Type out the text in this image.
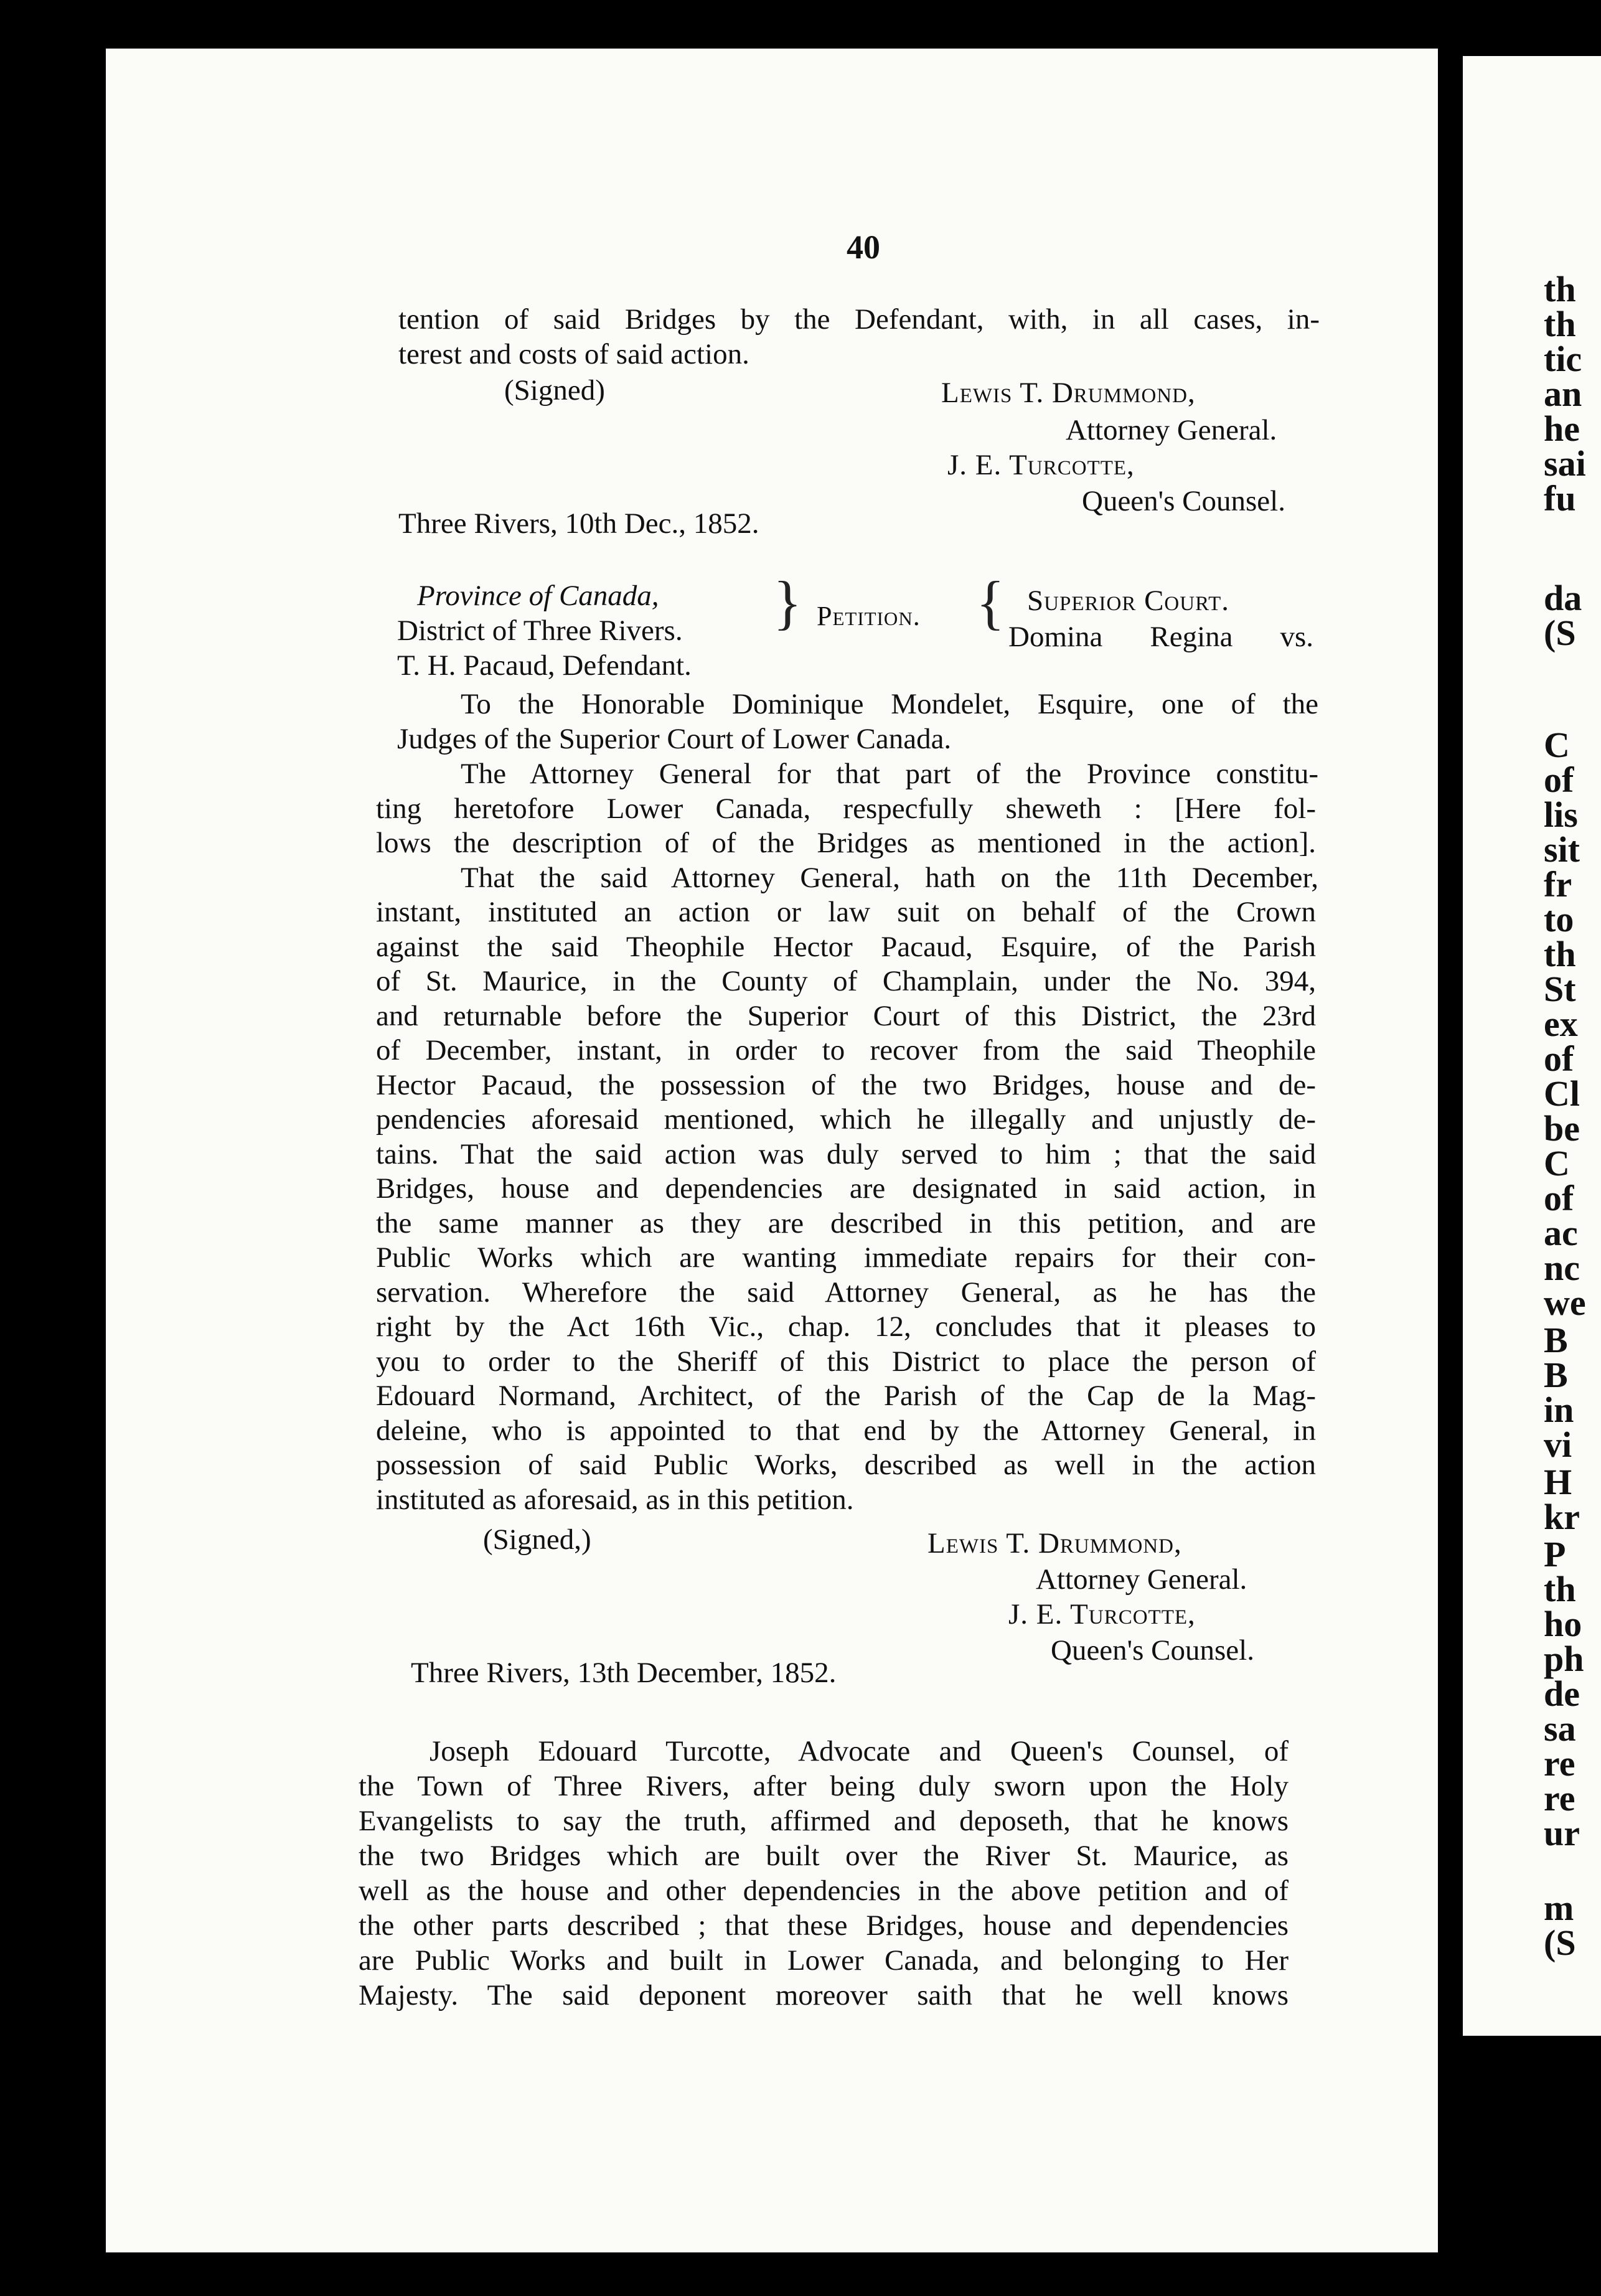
th
th
tic
an
he
sai
fu
da
(S
C
of
lis
sit
fr
to
th
St
ex
of
Cl
be
C
of
ac
nc
we
B
B
in
vi
H
kr
P
th
ho
ph
de
sa
re
re
ur
m
(S
40
tention of said Bridges by the Defendant, with, in all cases, in-
terest and costs of said action.
(Signed)	Lewis T. Drummond,
Attorney General.
J. E. Turcotte,
Queen's Counsel.
Three Rivers, 10th Dec., 1852.
Province of Canada,
District of Three Rivers. } Petition. { Superior Court.
Domina Regina vs.
T. H. Pacaud, Defendant.
To the Honorable Dominique Mondelet, Esquire, one of the
Judges of the Superior Court of Lower Canada.
The Attorney General for that part of the Province constitu-
ting heretofore Lower Canada, respecfully sheweth : [Here fol-
lows the description of of the Bridges as mentioned in the action].
That the said Attorney General, hath on the 11th December,
instant, instituted an action or law suit on behalf of the Crown
against the said Theophile Hector Pacaud, Esquire, of the Parish
of St. Maurice, in the County of Champlain, under the No. 394,
and returnable before the Superior Court of this District, the 23rd
of December, instant, in order to recover from the said Theophile
Hector Pacaud, the possession of the two Bridges, house and de-
pendencies aforesaid mentioned, which he illegally and unjustly de-
tains. That the said action was duly served to him ; that the said
Bridges, house and dependencies are designated in said action, in
the same manner as they are described in this petition, and are
Public Works which are wanting immediate repairs for their con-
servation. Wherefore the said Attorney General, as he has the
right by the Act 16th Vic., chap. 12, concludes that it pleases to
you to order to the Sheriff of this District to place the person of
Edouard Normand, Architect, of the Parish of the Cap de la Mag-
deleine, who is appointed to that end by the Attorney General, in
possession of said Public Works, described as well in the action
instituted as aforesaid, as in this petition.
(Signed,)	Lewis T. Drummond,
Attorney General.
J. E. Turcotte,
Queen's Counsel.
Three Rivers, 13th December, 1852.
Joseph Edouard Turcotte, Advocate and Queen's Counsel, of
the Town of Three Rivers, after being duly sworn upon the Holy
Evangelists to say the truth, affirmed and deposeth, that he knows
the two Bridges which are built over the River St. Maurice, as
well as the house and other dependencies in the above petition and of
the other parts described ; that these Bridges, house and dependencies
are Public Works and built in Lower Canada, and belonging to Her
Majesty. The said deponent moreover saith that he well knows
